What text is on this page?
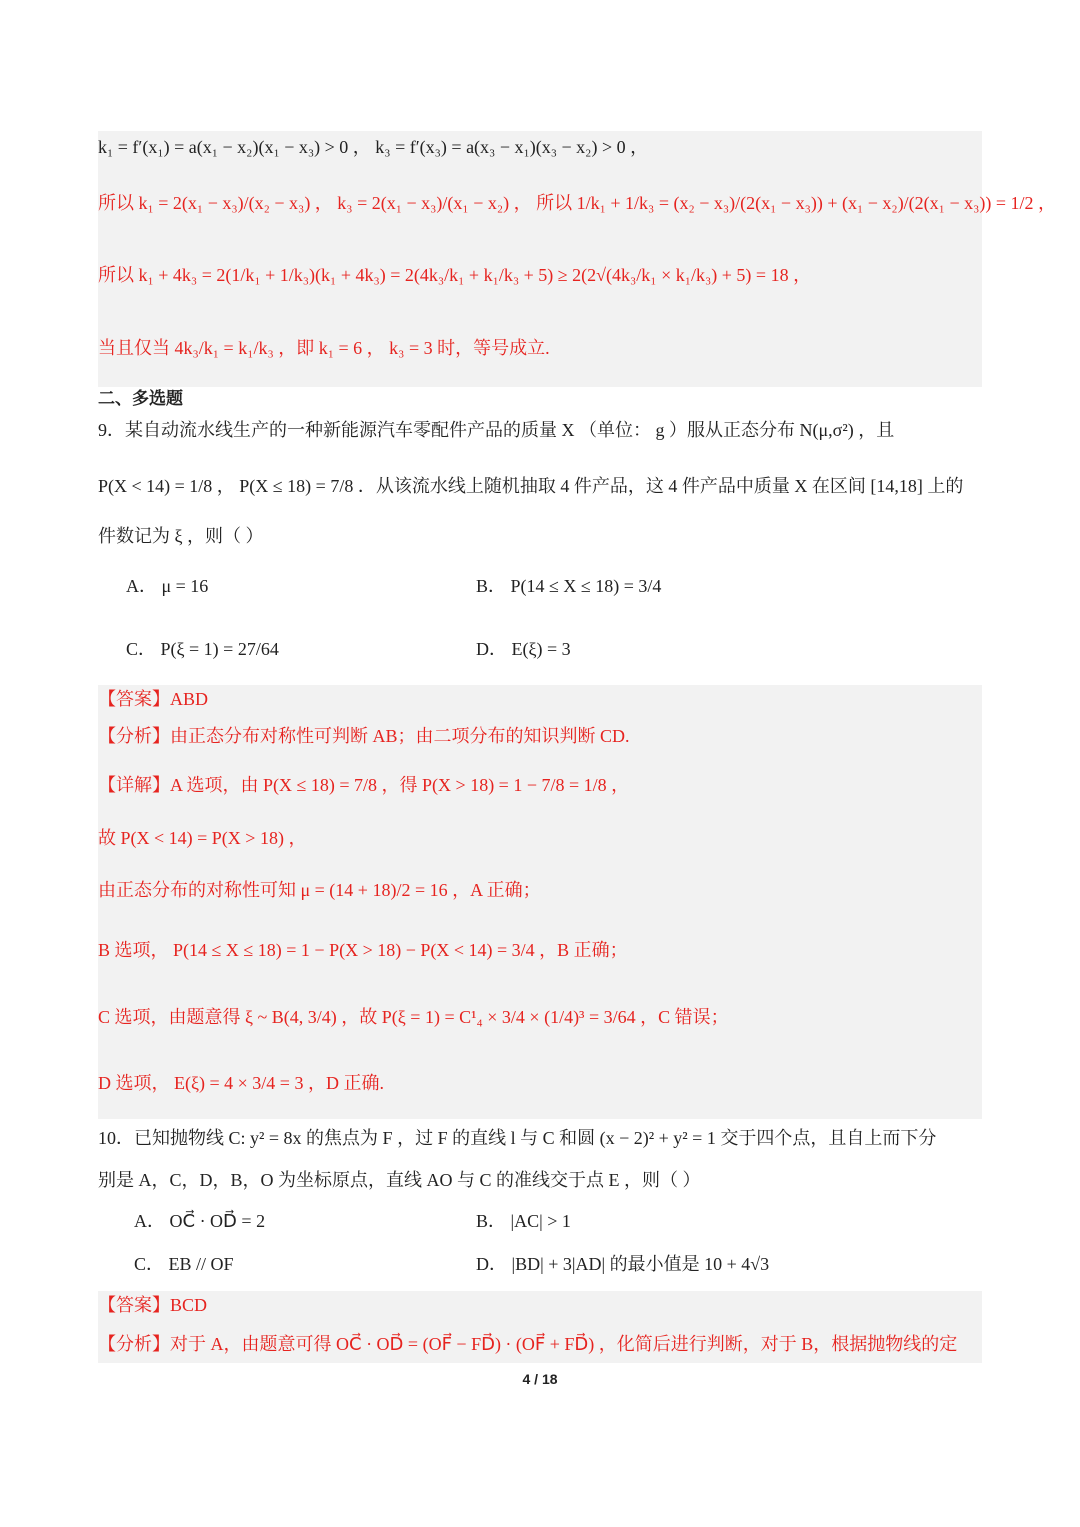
k₁ = f′(x₁) = a(x₁ − x₂)(x₁ − x₃) > 0 ， k₃ = f′(x₃) = a(x₃ − x₁)(x₃ − x₂) > 0 ，
所以 k₁ = 2(x₁ − x₃)/(x₂ − x₃) ， k₃ = 2(x₁ − x₃)/(x₁ − x₂) ， 所以 1/k₁ + 1/k₃ = (x₂ − x₃)/(2(x₁ − x₃)) + (x₁ − x₂)/(2(x₁ − x₃)) = 1/2 ，
所以 k₁ + 4k₃ = 2(1/k₁ + 1/k₃)(k₁ + 4k₃) = 2(4k₃/k₁ + k₁/k₃ + 5) ≥ 2(2√(4k₃/k₁ × k₁/k₃) + 5) = 18 ，
当且仅当 4k₃/k₁ = k₁/k₃ ，即 k₁ = 6 ， k₃ = 3 时，等号成立.
二、多选题
9．某自动流水线生产的一种新能源汽车零配件产品的质量 X （单位： g ）服从正态分布 N(μ,σ²) ，且
P(X < 14) = 1/8 ， P(X ≤ 18) = 7/8 ．从该流水线上随机抽取 4 件产品，这 4 件产品中质量 X 在区间 [14,18] 上的
件数记为 ξ ，则（ ）
A． μ = 16	B． P(14 ≤ X ≤ 18) = 3/4
C． P(ξ = 1) = 27/64	D． E(ξ) = 3
【答案】ABD
【分析】由正态分布对称性可判断 AB；由二项分布的知识判断 CD.
【详解】A 选项，由 P(X ≤ 18) = 7/8 ，得 P(X > 18) = 1 − 7/8 = 1/8 ，
故 P(X < 14) = P(X > 18) ，
由正态分布的对称性可知 μ = (14 + 18)/2 = 16 ，A 正确；
B 选项， P(14 ≤ X ≤ 18) = 1 − P(X > 18) − P(X < 14) = 3/4 ，B 正确；
C 选项，由题意得 ξ ~ B(4, 3/4) ，故 P(ξ = 1) = C¹₄ × 3/4 × (1/4)³ = 3/64 ，C 错误；
D 选项， E(ξ) = 4 × 3/4 = 3 ，D 正确.
10．已知抛物线 C: y² = 8x 的焦点为 F ，过 F 的直线 l 与 C 和圆 (x − 2)² + y² = 1 交于四个点，且自上而下分
别是 A，C，D，B，O 为坐标原点，直线 AO 与 C 的准线交于点 E ，则（ ）
A． OC⃗ · OD⃗ = 2	B． |AC| > 1
C． EB // OF	D． |BD| + 3|AD| 的最小值是 10 + 4√3
【答案】BCD
【分析】对于 A，由题意可得 OC⃗ · OD⃗ = (OF⃗ − FD⃗) · (OF⃗ + FD⃗) ，化简后进行判断，对于 B，根据抛物线的定
4 / 18
